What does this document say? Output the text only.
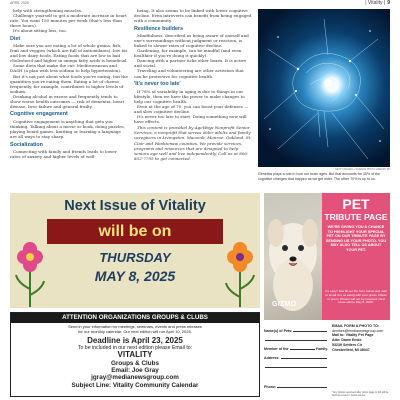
APRIL 2025	| Vitality | 9

help with strengthening muscles.

Challenge yourself to get a moderate increase in heart rate. You want 150 minutes per week (that's less than three hours).

It's about sitting less, too.

Diet

Make sure you are eating a lot of whole grains, fish, fruit and veggies (which are full of antioxidants), low fat and low dairy foods. Eating foods that are low in bad cholesterol and higher in omega fatty acids is beneficial.

Some diets that make the cut: Mediterranean and DASH (a plan with less sodium to help hypertension).

But it's not just about what foods you're eating, but the quantities you're eating them. Eating a lot of cheese frequently, for example, contributes to higher levels of sodium.

Drinking alcohol in excess and frequently tends to show worse health outcomes — risk of dementia, heart disease, liver failure and general frailty.

Cognitive engagement

Cognitive engagement is anything that gets you thinking. Talking about a movie or book, doing puzzles, playing board games, knitting or learning a language are all ways to stay sharp.

Socialization

Connecting with family and friends leads to lower rates of anxiety and higher levels of well-

being. It also seems to be linked with lower cognitive decline. Even introverts can benefit from being engaged with a community.

Resilience builders

Mindfulness, described as being aware of oneself and one's surroundings without judgment or reaction, is linked to slower rates of cognitive decline.

Gardening, for example, can be mindful (and even healthier if you're doing it quickly).

Dancing with a partner ticks other boxes. It is active and social.

Traveling and volunteering are other activities that can be protective for cognitive health.

'It's never too late'

If 78% of variability in aging is due to things in our lifestyle, then we have the power to make changes to help our cognitive health.

Even at the age of 70, you can boost your defenses — and slow cognitive decline.

It's never too late to start. Doing something now will have effects.

This content is provided by AgeWays Nonprofit Senior Services, a nonprofit that serves older adults and family caregivers in Livingston, Macomb, Monroe, Oakland, St. Clair and Washtenaw counties. We provide services, programs and resources that are designed to help seniors age well and live independently. Call us at 800-852-7795 to get connected.

GETTY IMAGES + SCIENCE PHOTO LIBRARY RF
Genetics plays a role in how our brain ages. But that accounts for 30% of the cognitive changes that happen as we get older. The other 70% is up to us.
Next Issue of Vitality
will be on
THURSDAY
MAY 8, 2025
ATTENTION ORGANIZATIONS GROUPS & CLUBS
Send in your information for meetings, seminars, events and press releases
for our monthly calendar. Our next edition will run April 10, 2025.
Deadline is April 23, 2025
To be included in our next edition please Email to:
VITALITY
Groups & Clubs
Email: Joe Gray
jgray@medianewsgroup.com
Subject Line: Vitality Community Calendar
GIZMO
PET
TRIBUTE PAGE
WE'RE GIVING YOU A CHANCE TO HIGHLIGHT YOUR SPECIAL PET ON OUR TRIBUTE PAGE BY SENDING US YOUR PHOTO. YOU MAY ALSO TELL US ABOUT YOUR PET.
It's easy! Just fill out the form below and mail or email it to us along with your photo, tribute or poem. Photos will not be returned. Next issue will be May 8, 2025.
Name(s) of Pets:
Member of the	Family.
Address:
Phone:
EMAIL FORM & PHOTO TO:
demkes@medianewsgroup.com
Mail to: Vitality Pet Page
Attn: Dawn Emke
53239 Settlers Cir
Chesterfield, MI 48047
*Any photos received after photo page is full will be held and used in future issues.
